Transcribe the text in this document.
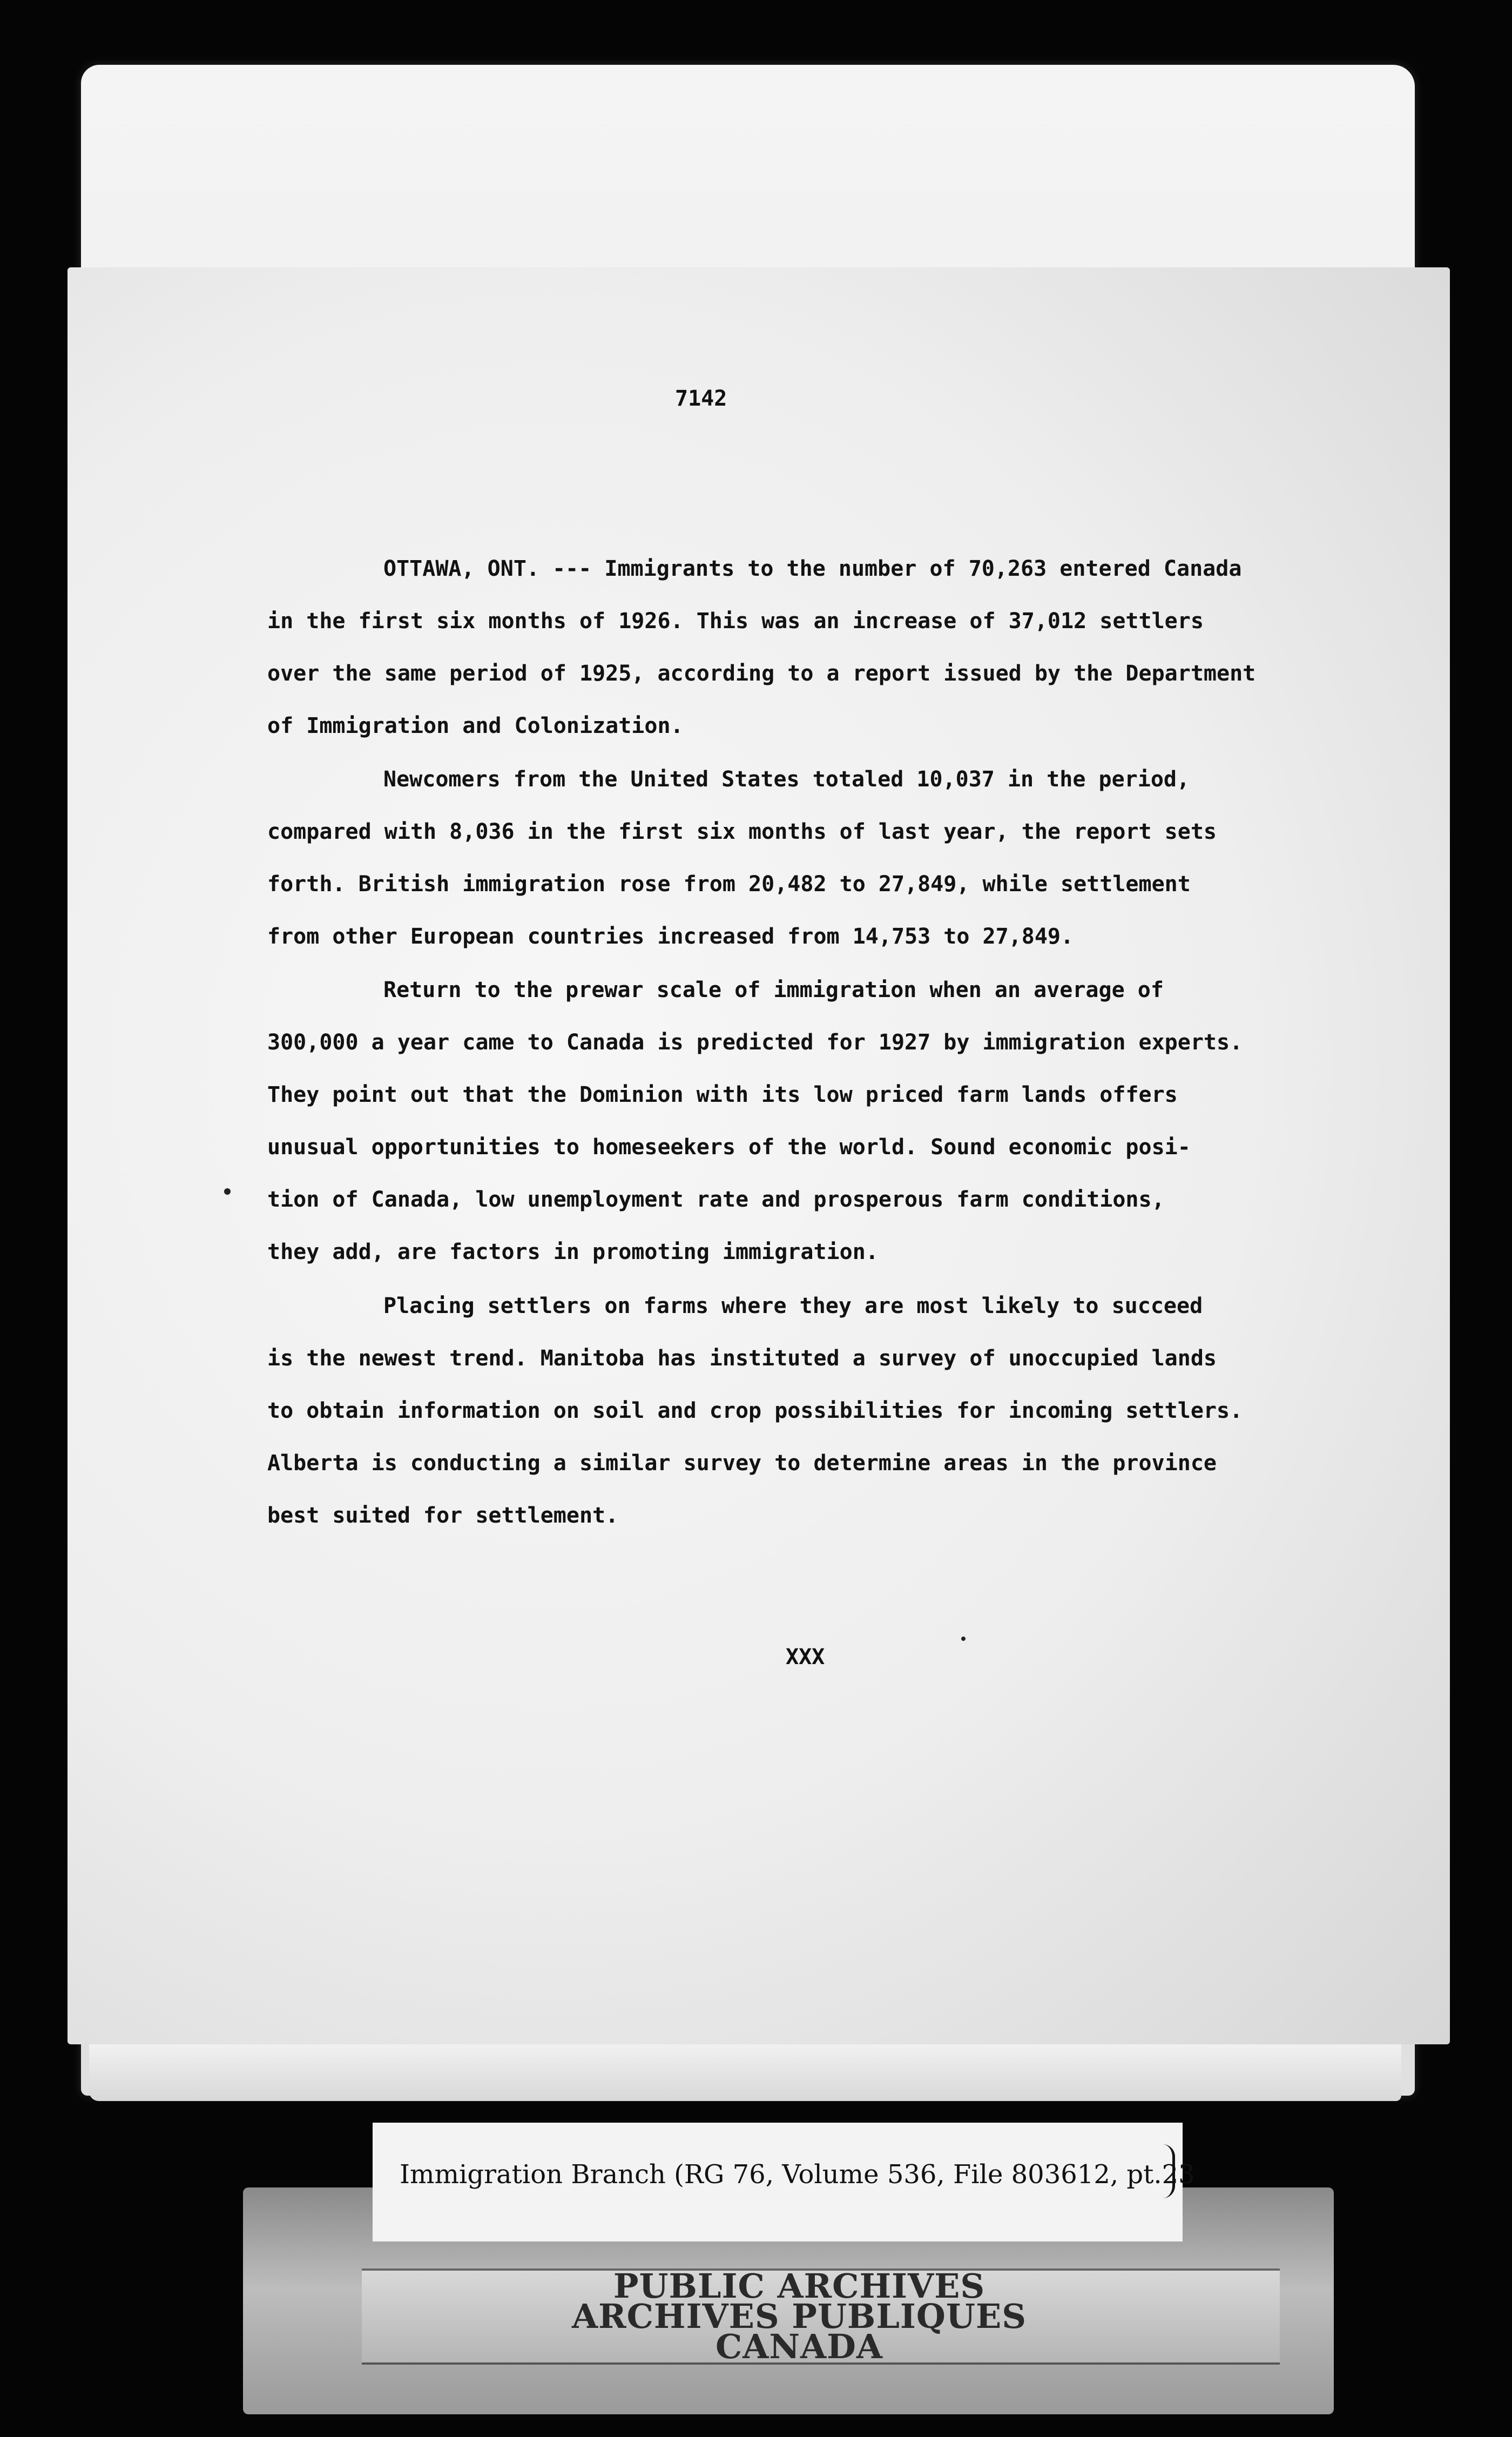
7142

OTTAWA, ONT. --- Immigrants to the number of 70,263 entered Canada
in the first six months of 1926. This was an increase of 37,012 settlers
over the same period of 1925, according to a report issued by the Department
of Immigration and Colonization.

Newcomers from the United States totaled 10,037 in the period,
compared with 8,036 in the first six months of last year, the report sets
forth. British immigration rose from 20,482 to 27,849, while settlement
from other European countries increased from 14,753 to 27,849.

Return to the prewar scale of immigration when an average of
300,000 a year came to Canada is predicted for 1927 by immigration experts.
They point out that the Dominion with its low priced farm lands offers
unusual opportunities to homeseekers of the world. Sound economic posi-
tion of Canada, low unemployment rate and prosperous farm conditions,
they add, are factors in promoting immigration.

Placing settlers on farms where they are most likely to succeed
is the newest trend. Manitoba has instituted a survey of unoccupied lands
to obtain information on soil and crop possibilities for incoming settlers.
Alberta is conducting a similar survey to determine areas in the province
best suited for settlement.

XXX
PUBLIC ARCHIVES
ARCHIVES PUBLIQUES
CANADA
Immigration Branch (RG 76, Volume 536, File 803612, pt.23
